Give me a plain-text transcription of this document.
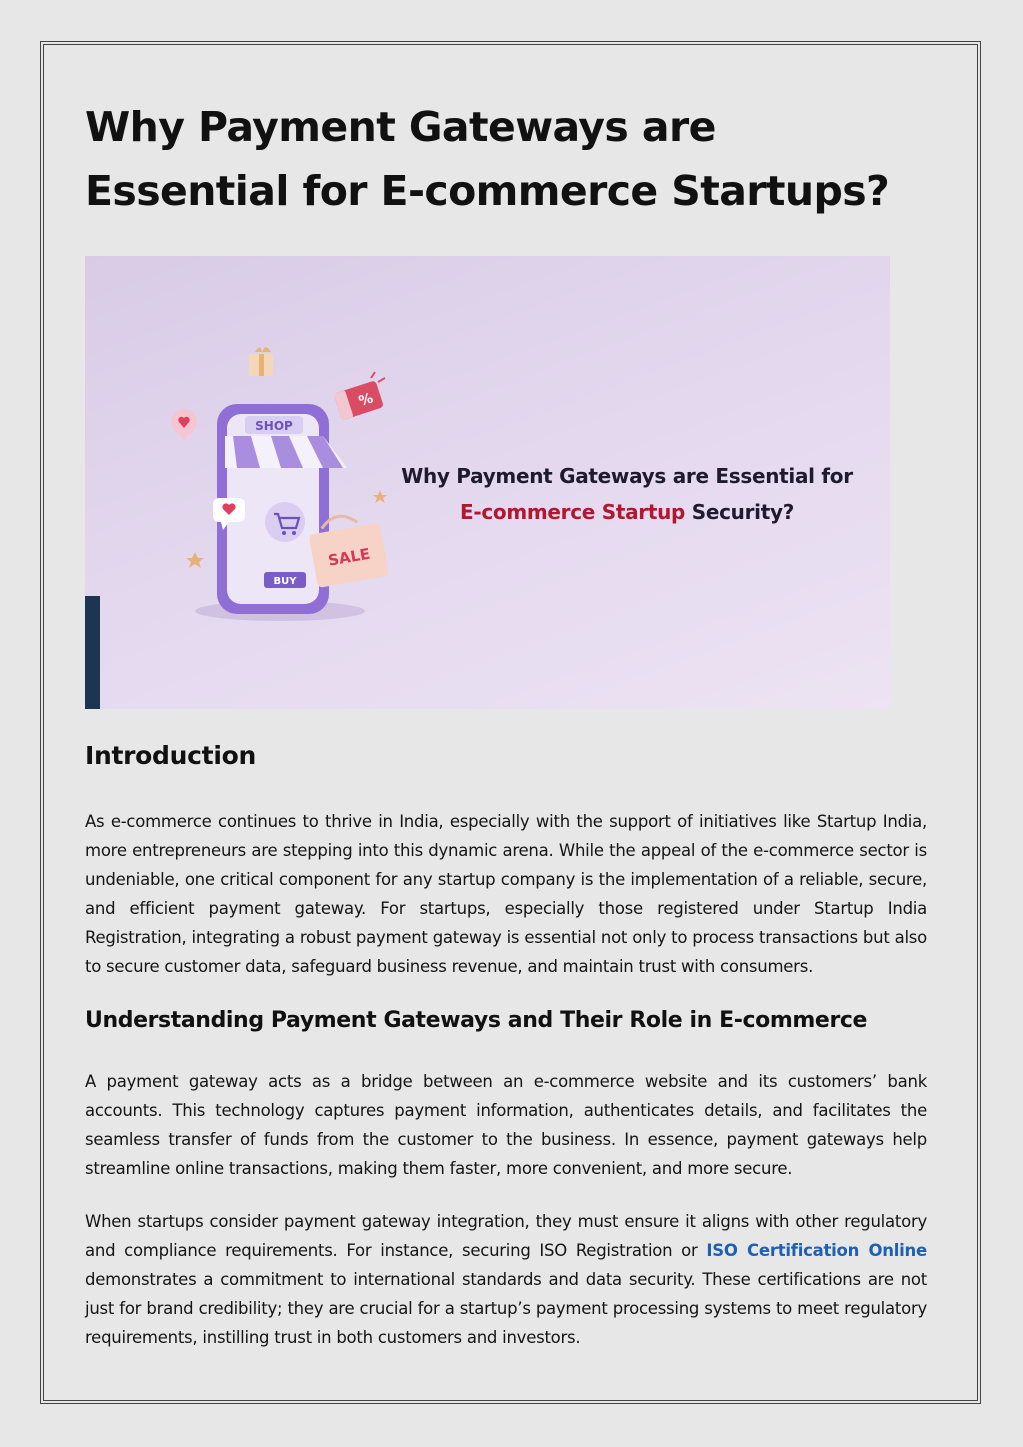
Why Payment Gateways are Essential for E-commerce Startups?
SHOP
BUY
%
SALE
Why Payment Gateways are Essential for
E-commerce Startup Security?
Introduction

As e-commerce continues to thrive in India, especially with the support of initiatives like Startup India, more entrepreneurs are stepping into this dynamic arena. While the appeal of the e-commerce sector is undeniable, one critical component for any startup company is the implementation of a reliable, secure, and efficient payment gateway. For startups, especially those registered under Startup India Registration, integrating a robust payment gateway is essential not only to process transactions but also to secure customer data, safeguard business revenue, and maintain trust with consumers.

Understanding Payment Gateways and Their Role in E-commerce

A payment gateway acts as a bridge between an e-commerce website and its customers’ bank accounts. This technology captures payment information, authenticates details, and facilitates the seamless transfer of funds from the customer to the business. In essence, payment gateways help streamline online transactions, making them faster, more convenient, and more secure.

When startups consider payment gateway integration, they must ensure it aligns with other regulatory and compliance requirements. For instance, securing ISO Registration or ISO Certification Online demonstrates a commitment to international standards and data security. These certifications are not just for brand credibility; they are crucial for a startup’s payment processing systems to meet regulatory requirements, instilling trust in both customers and investors.
